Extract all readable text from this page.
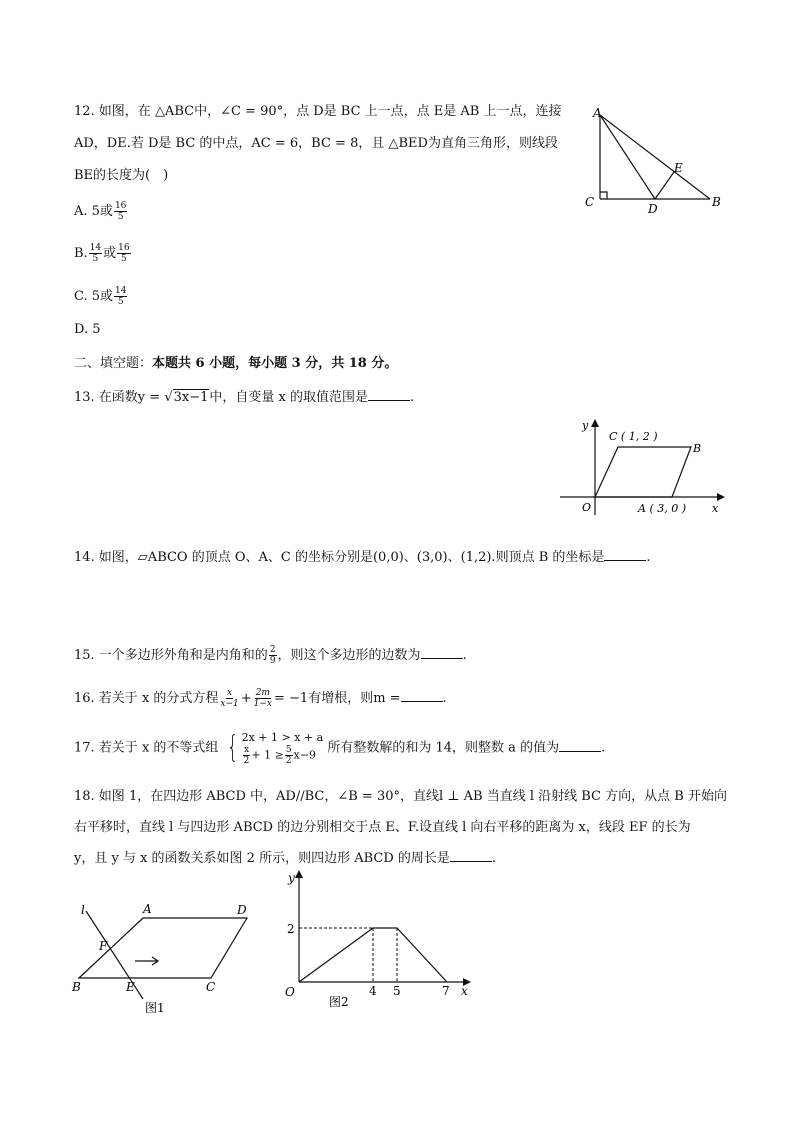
12. 如图，在 △ABC中，∠C = 90°，点 D是 BC 上一点，点 E是 AB 上一点，连接
AD，DE.若 D是 BC 的中点，AC = 6，BC = 8，且 △BED为直角三角形，则线段
BE的长度为(　)
A. 5或 $\frac{16}{5}$
B. $\frac{14}{5}$ 或 $\frac{16}{5}$
C. 5或 $\frac{14}{5}$
D. 5
A
C	D
E
B
二、填空题：本题共 6 小题，每小题 3 分，共 18 分。
13. 在函数y = √3x−1中，自变量 x 的取值范围是	.
y
x
O
C ( 1, 2 )
A ( 3, 0 )
B
14. 如图，▱ABCO 的顶点 O、A、C 的坐标分别是(0,0)、(3,0)、(1,2).则顶点 B 的坐标是	.
15. 一个多边形外角和是内角和的 $\frac{2}{9}$ ，则这个多边形的边数为	.
16. 若关于 x 的分式方程 $\frac{x}{x-1} + \frac{2m}{1-x} = -1$有增根，则m =	.
17. 若关于 x 的不等式组 { 2x + 1 > x + a
$\frac{x}{2} + 1 \ge \frac{5}{2} x-9$ 所有整数解的和为 14，则整数 a 的值为	.
18. 如图 1，在四边形 ABCD 中，AD//BC，∠B = 30°，直线l ⊥ AB 当直线 l 沿射线 BC 方向，从点 B 开始向
右平移时，直线 l 与四边形 ABCD 的边分别相交于点 E、F.设直线 l 向右平移的距离为 x，线段 EF 的长为
y，且 y 与 x 的函数关系如图 2 所示，则四边形 ABCD 的周长是	.
l	A	D
F
B	E	C
图1
y
x
O
2
4 5	7
图2
